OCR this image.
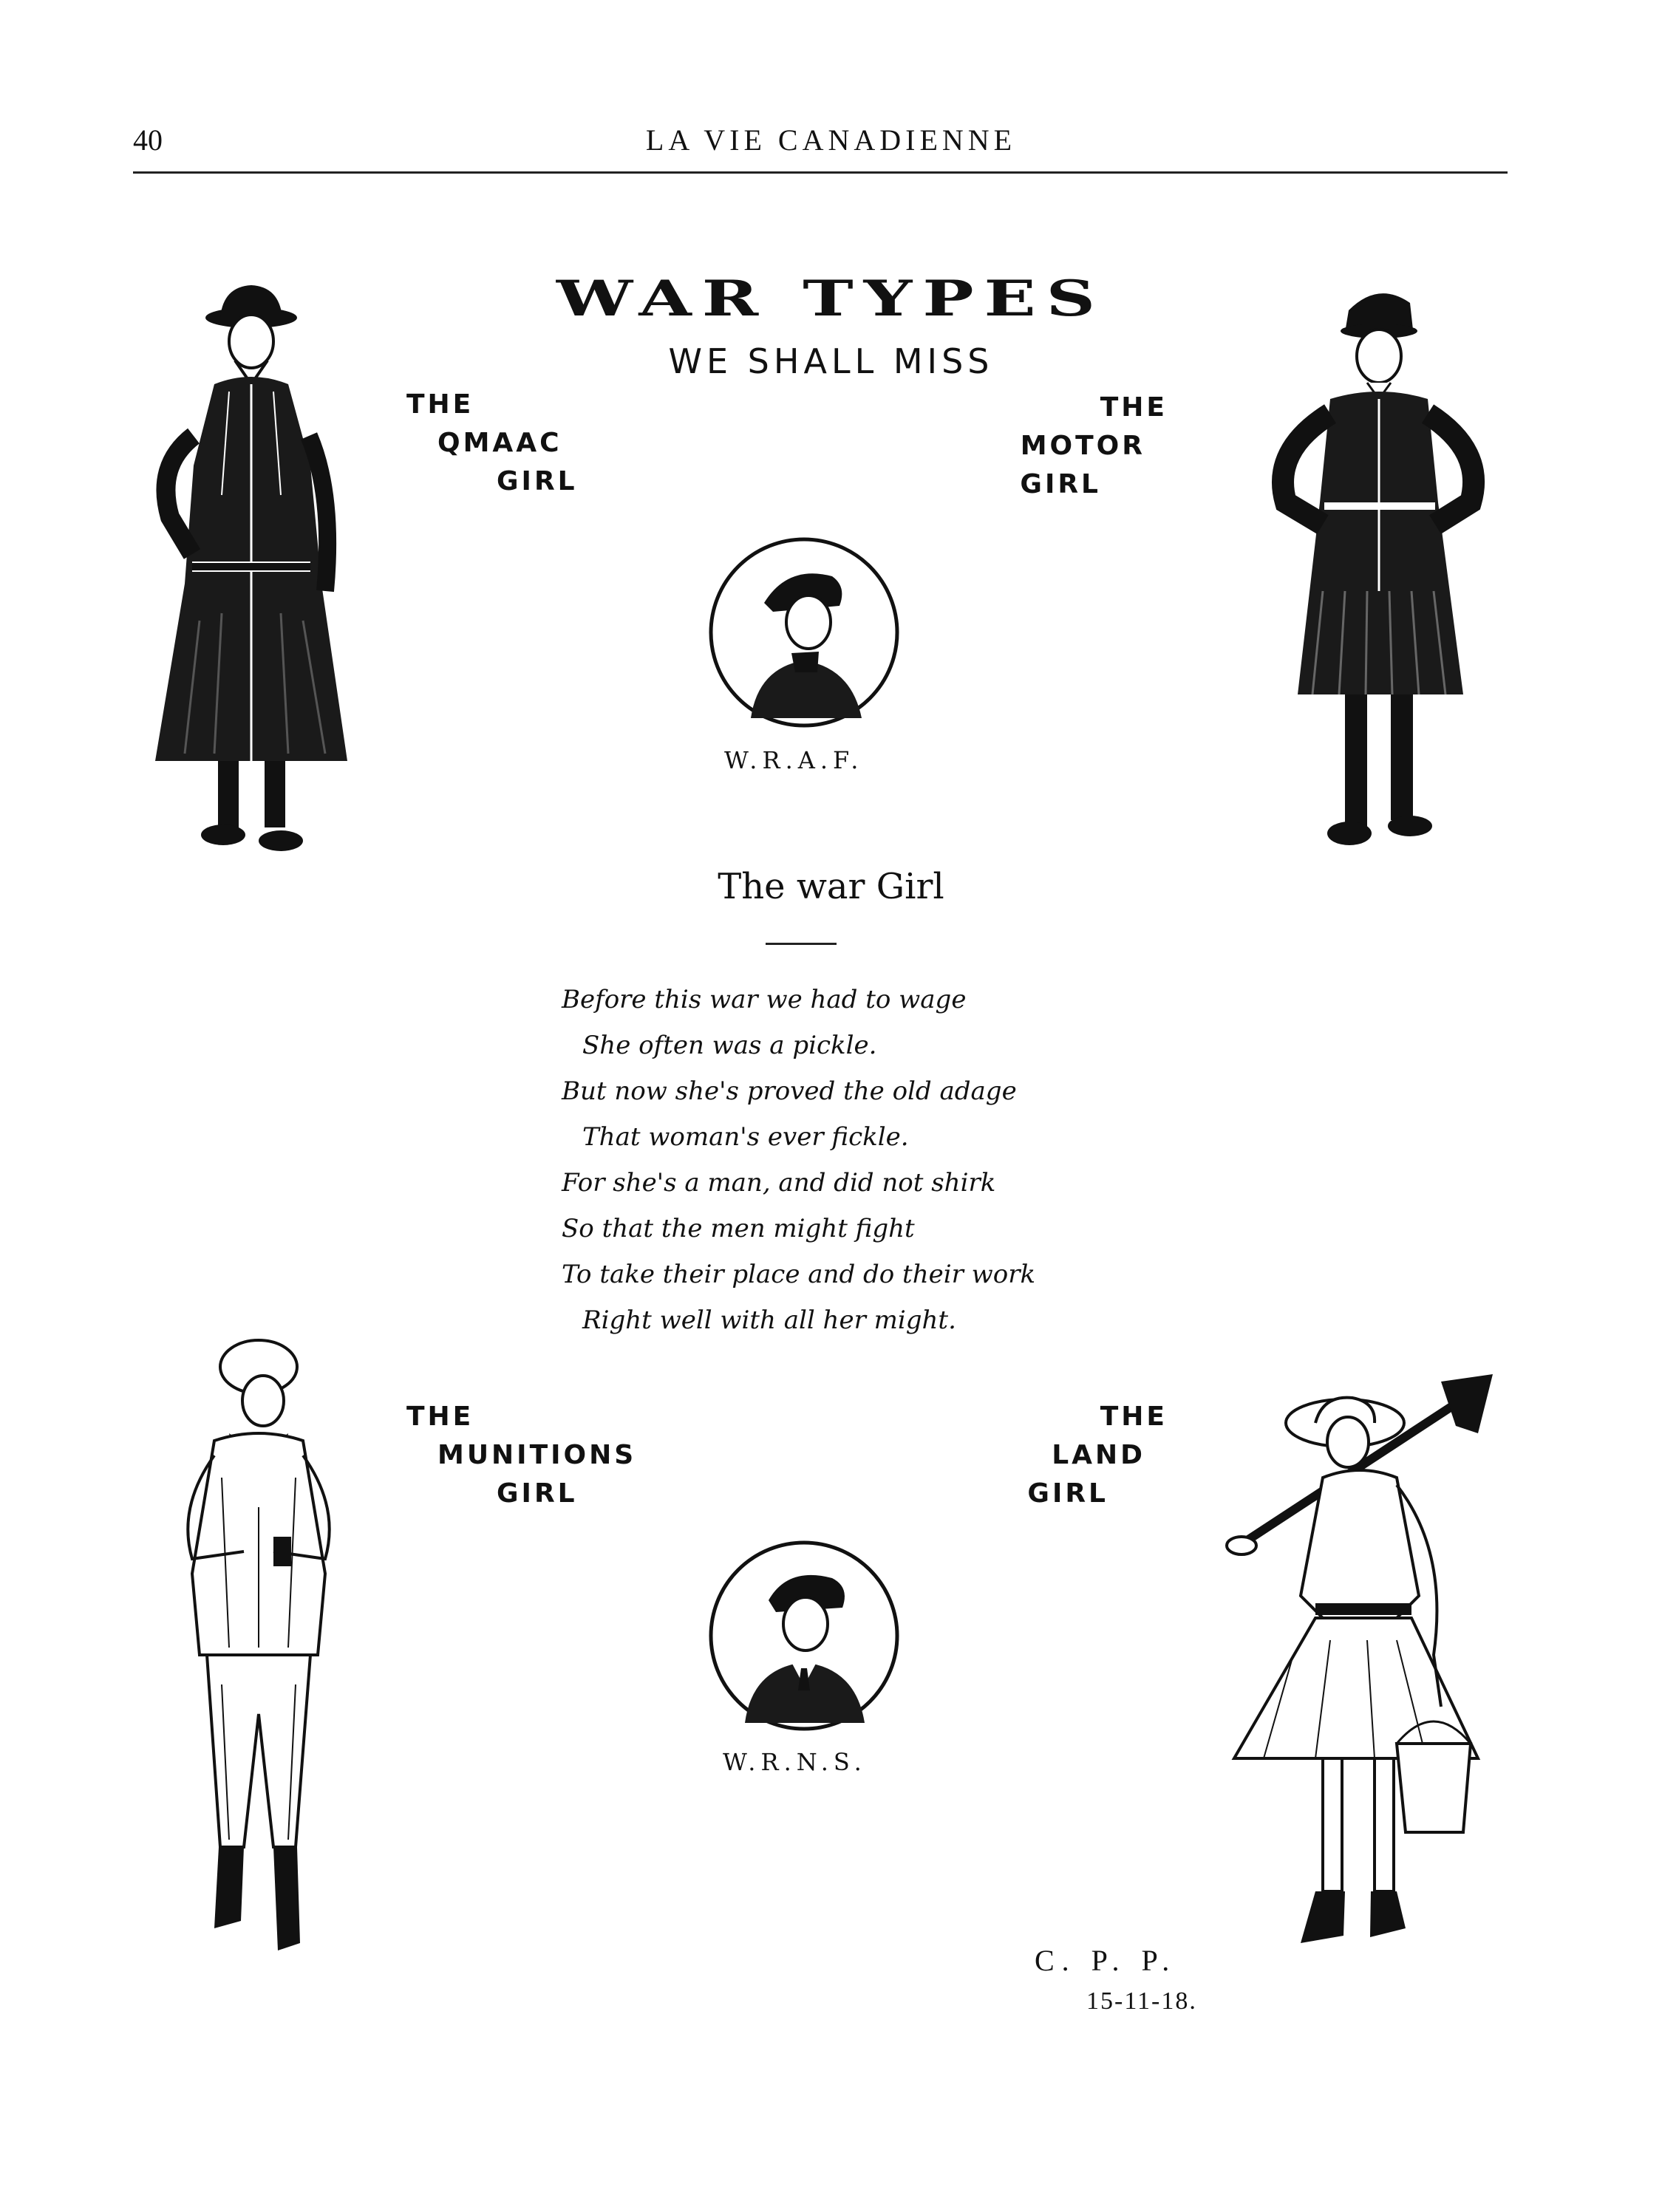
40	LA VIE CANADIENNE
WAR TYPES
WE SHALL MISS
THE
QMAAC
GIRL
THE
MOTOR
GIRL
W.R.A.F.
The war Girl
Before this war we had to wage
She often was a pickle.
But now she's proved the old adage
That woman's ever fickle.
For she's a man, and did not shirk
So that the men might fight
To take their place and do their work
Right well with all her might.
THE
MUNITIONS
GIRL
THE
LAND
GIRL
W.R.N.S.
C. P. P.
15-11-18.
